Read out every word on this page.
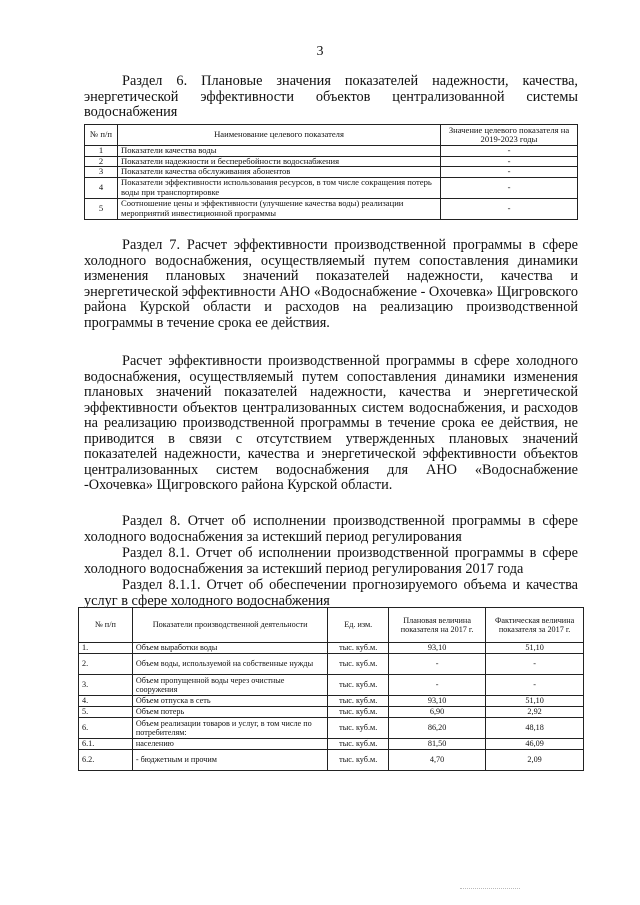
3
Раздел 6. Плановые значения показателей надежности, качества, энергетической эффективности объектов централизованной системы водоснабжения
№ п/п	Наименование целевого показателя	Значение целевого показателя на 2019-2023 годы
1	Показатели качества воды	-
2	Показатели надежности и бесперебойности водоснабжения	-
3	Показатели качества обслуживания абонентов	-
4	Показатели эффективности использования ресурсов, в том числе сокращения потерь воды при транспортировке	-
5	Соотношение цены и эффективности (улучшение качества воды) реализации мероприятий инвестиционной программы	-
Раздел 7. Расчет эффективности производственной программы в сфере холодного водоснабжения, осуществляемый путем сопоставления динамики изменения плановых значений показателей надежности, качества и энергетической эффективности АНО «Водоснабжение - Охочевка» Щигровского района Курской области и расходов на реализацию производственной программы в течение срока ее действия.
Расчет эффективности производственной программы в сфере холодного водоснабжения, осуществляемый путем сопоставления динамики изменения плановых значений показателей надежности, качества и энергетической эффективности объектов централизованных систем водоснабжения, и расходов на реализацию производственной программы в течение срока ее действия, не приводится в связи с отсутствием утвержденных плановых значений показателей надежности, качества и энергетической эффективности объектов централизованных систем водоснабжения для АНО «Водоснабжение -Охочевка» Щигровского района Курской области.
Раздел 8. Отчет об исполнении производственной программы в сфере холодного водоснабжения за истекший период регулирования
Раздел 8.1. Отчет об исполнении производственной программы в сфере холодного водоснабжения за истекший период регулирования 2017 года
Раздел 8.1.1. Отчет об обеспечении прогнозируемого объема и качества услуг в сфере холодного водоснабжения
№ п/п	Показатели производственной деятельности	Ед. изм.	Плановая величина показателя на 2017 г.	Фактическая величина показателя за 2017 г.
1.	Объем выработки воды	тыс. куб.м.	93,10	51,10
2.	Объем воды, используемой на собственные нужды	тыс. куб.м.	-	-
3.	Объем пропущенной воды через очистные сооружения	тыс. куб.м.	-	-
4.	Объем отпуска в сеть	тыс. куб.м.	93,10	51,10
5.	Объем потерь	тыс. куб.м.	6,90	2,92
6.	Объем реализации товаров и услуг, в том числе по потребителям:	тыс. куб.м.	86,20	48,18
6.1.	населению	тыс. куб.м.	81,50	46,09
6.2.	- бюджетным и прочим	тыс. куб.м.	4,70	2,09
